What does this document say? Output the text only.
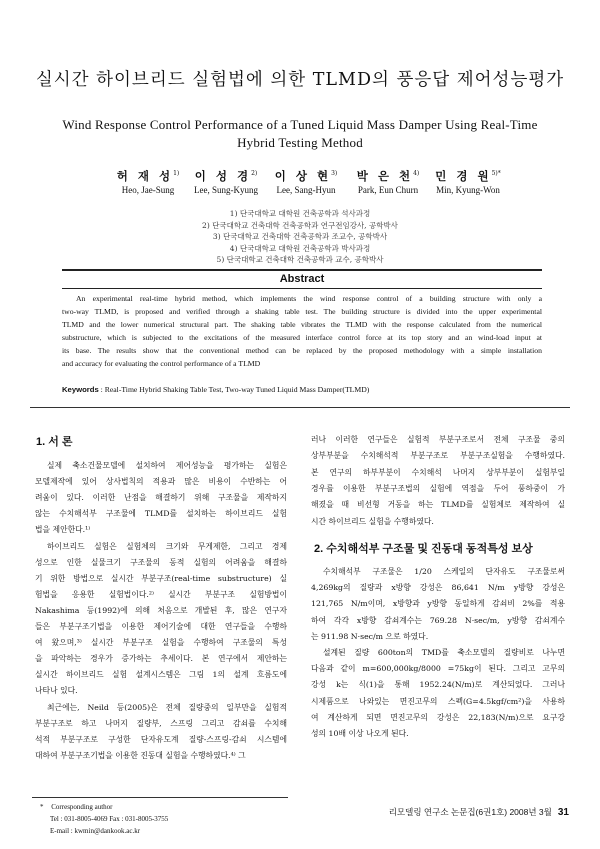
실시간 하이브리드 실험법에 의한 TLMD의 풍응답 제어성능평가
Wind Response Control Performance of a Tuned Liquid Mass Damper Using Real-Time
Hybrid Testing Method
허 재 성$^{1)}$
Heo, Jae-Sung
이 성 경$^{2)}$
Lee, Sung-Kyung
이 상 현$^{3)}$
Lee, Sang-Hyun
박 은 천$^{4)}$
Park, Eun Churn
민 경 원$^{5)*}$
Min, Kyung-Won
1) 단국대학교 대학원 건축공학과 석사과정
2) 단국대학교 건축대학 건축공학과 연구전임강사, 공학박사
3) 단국대학교 건축대학 건축공학과 조교수, 공학박사
4) 단국대학교 대학원 건축공학과 박사과정
5) 단국대학교 건축대학 건축공학과 교수, 공학박사
Abstract
An experimental real-time hybrid method, which implements the wind response control of a building structure with only a
two-way TLMD, is proposed and verified through a shaking table test. The building structure is divided into the upper experimental
TLMD and the lower numerical structural part. The shaking table vibrates the TLMD with the response calculated from the numerical
substructure, which is subjected to the excitations of the measured interface control force at its top story and an wind-load input at
its base. The results show that the conventional method can be replaced by the proposed methodology with a simple installation
and accuracy for evaluating the control performance of a TLMD
Keywords : Real-Time Hybrid Shaking Table Test, Two-way Tuned Liquid Mass Damper(TLMD)
1. 서 론
실제 축소건물모델에 설치하여 제어성능을 평가하는 실험은
모델제작에 있어 상사법칙의 적용과 많은 비용이 수반하는 어
려움이 있다. 이러한 난점을 해결하기 위해 구조물을 제작하지
않는 수치해석부 구조물에 TLMD를 설치하는 하이브리드 실험
법을 제안한다.¹⁾
하이브리드 실험은 실험체의 크기와 무게제한, 그리고 경제
성으로 인한 실물크기 구조물의 동적 실험의 어려움을 해결하
기 위한 방법으로 실시간 부분구조(real-time substructure) 실
험법을 응용한 실험법이다.²⁾ 실시간 부분구조 실험방법이
Nakashima 등(1992)에 의해 처음으로 개발된 후, 많은 연구자
들은 부분구조기법을 이용한 제어기술에 대한 연구들을 수행하
여 왔으며,³⁾ 실시간 부분구조 실험을 수행하여 구조물의 특성
을 파악하는 경우가 증가하는 추세이다. 본 연구에서 제안하는
실시간 하이브리드 실험 설계시스템은 그림 1의 설계 흐름도에
나타나 있다.
최근에는, Neild 등(2005)은 전체 질량중의 일부만을 실험적
부분구조로 하고 나머지 질량부, 스프링 그리고 감쇠를 수치해
석적 부분구조로 구성한 단자유도계 질량-스프링-감쇠 시스템에
대하여 부분구조기법을 이용한 진동대 실험을 수행하였다.⁴⁾ 그
러나 이러한 연구들은 실험적 부분구조로서 전체 구조물 중의
상부부분을 수치해석적 부분구조로 부분구조실험을 수행하였다.
본 연구의 하부부분이 수치해석 나머지 상부부분이 실험부일
경우를 이용한 부분구조법의 실험에 역점을 두어 풍하중이 가
해졌을 때 비선형 거동을 하는 TLMD를 실험체로 제작하여 실
시간 하이브리드 실험을 수행하였다.
2. 수치해석부 구조물 및 진동대 동적특성 보상
수치해석부 구조물은 1/20 스케일의 단자유도 구조물로써
4,269kg의 질량과 x방향 강성은 86,641 N/m y방향 강성은
121,765 N/m이며, x방향과 y방향 동일하게 감쇠비 2%를 적용
하여 각각 x방향 감쇠계수는 769.28 N·sec/m, y방향 감쇠계수
는 911.98 N·sec/m 으로 하였다.
설계된 질량 600ton의 TMD를 축소모델의 질량비로 나누면
다음과 같이 m=600,000kg/8000 =75kg이 된다. 그리고 고무의
강성 k는 식(1)을 통해 1952.24(N/m)로 계산되었다. 그러나
시제품으로 나와있는 면진고무의 스펙(G=4.5kgf/cm²)을 사용하
여 계산하게 되면 면진고무의 강성은 22,183(N/m)으로 요구강
성의 10배 이상 나오게 된다.
* Corresponding author
Tel : 031-8005-4069 Fax : 031-8005-3755
E-mail : kwmin@dankook.ac.kr
리모델링 연구소 논문집(6권1호) 2008년 3월 31
